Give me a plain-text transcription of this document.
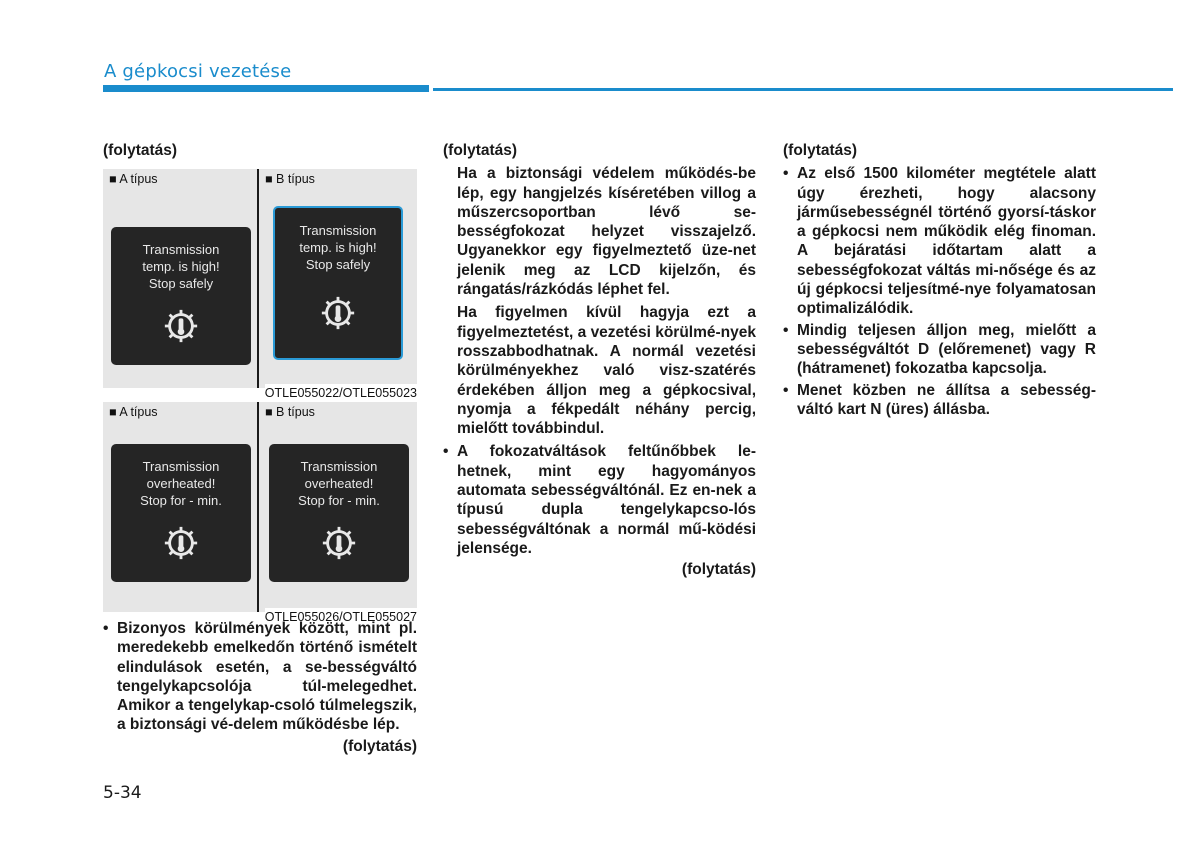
A gépkocsi vezetése
(folytatás)
■ A típus	■ B típus
Transmission
temp. is high!
Stop safely
Transmission
temp. is high!
Stop safely
OTLE055022/OTLE055023
■ A típus	■ B típus
Transmission
overheated!
Stop for - min.
Transmission
overheated!
Stop for - min.
OTLE055026/OTLE055027
• Bizonyos körülmények között, mint pl. meredekebb emelkedőn történő ismételt elindulások esetén, a se-bességváltó tengelykapcsolója túl-melegedhet. Amikor a tengelykap-csoló túlmelegszik, a biztonsági vé-delem működésbe lép.
(folytatás)
(folytatás)
Ha a biztonsági védelem működés-be lép, egy hangjelzés kíséretében villog a műszercsoportban lévő se-bességfokozat helyzet visszajelző. Ugyanekkor egy figyelmeztető üze-net jelenik meg az LCD kijelzőn, és rángatás/rázkódás léphet fel.
Ha figyelmen kívül hagyja ezt a figyelmeztetést, a vezetési körülmé-nyek rosszabbodhatnak. A normál vezetési körülményekhez való visz-szatérés érdekében álljon meg a gépkocsival, nyomja a fékpedált néhány percig, mielőtt továbbindul.
• A fokozatváltások feltűnőbbek le-hetnek, mint egy hagyományos automata sebességváltónál. Ez en-nek a típusú dupla tengelykapcso-lós sebességváltónak a normál mű-ködési jelensége.
(folytatás)
(folytatás)
• Az első 1500 kilométer megtétele alatt úgy érezheti, hogy alacsony járműsebességnél történő gyorsí-táskor a gépkocsi nem működik elég finoman. A bejáratási időtartam alatt a sebességfokozat váltás mi-nősége és az új gépkocsi teljesítmé-nye folyamatosan optimalizálódik.
• Mindig teljesen álljon meg, mielőtt a sebességváltót D (előremenet) vagy R (hátramenet) fokozatba kapcsolja.
• Menet közben ne állítsa a sebesség-váltó kart N (üres) állásba.
5-34
